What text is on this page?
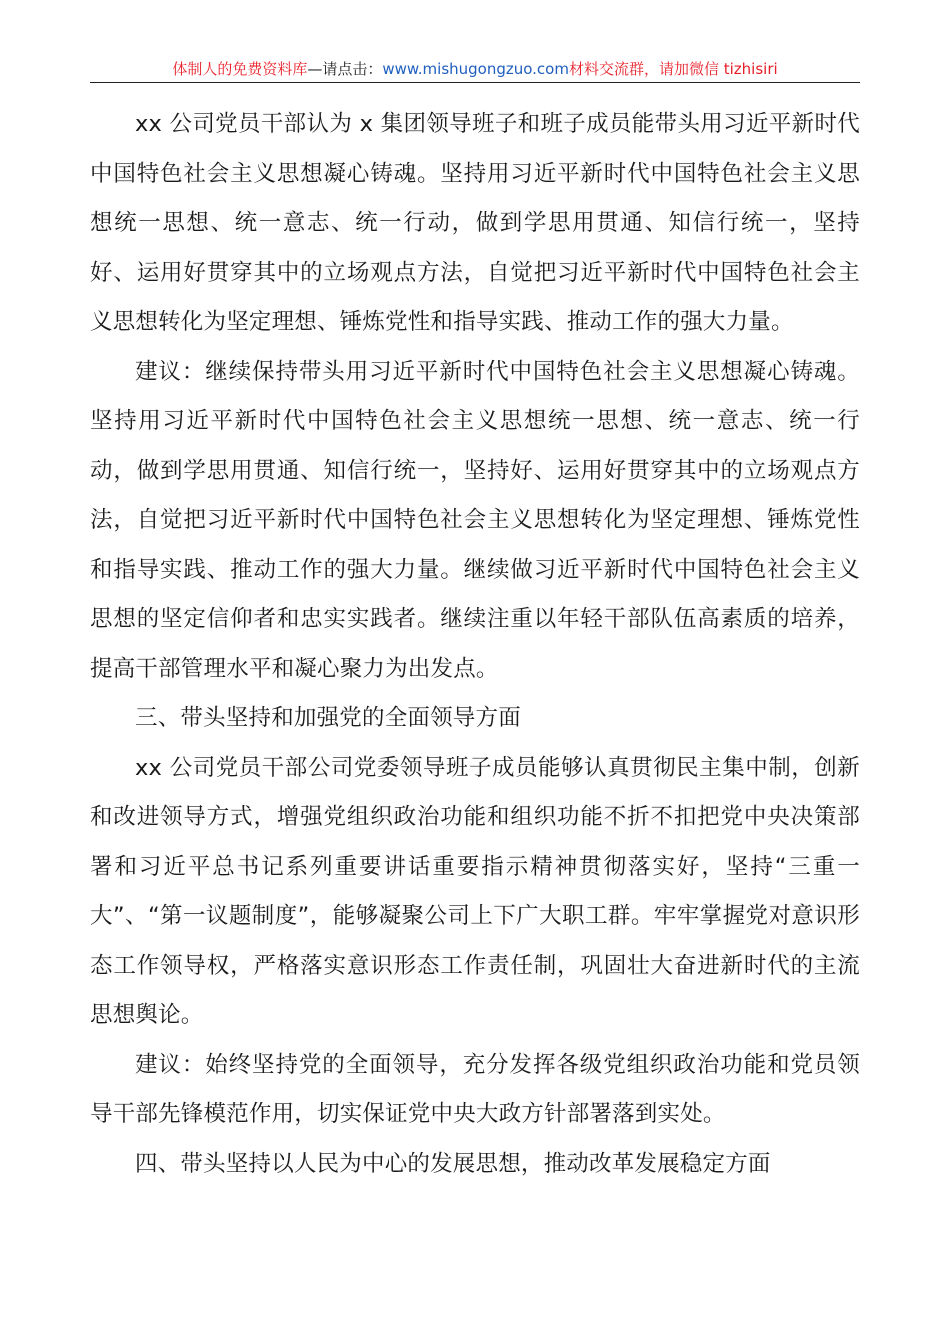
体制人的免费资料库—请点击：www.mishugongzuo.com材料交流群，请加微信 tizhisiri

xx 公司党员干部认为 x 集团领导班子和班子成员能带头用习近平新时代中国特色社会主义思想凝心铸魂。坚持用习近平新时代中国特色社会主义思想统一思想、统一意志、统一行动，做到学思用贯通、知信行统一，坚持好、运用好贯穿其中的立场观点方法，自觉把习近平新时代中国特色社会主义思想转化为坚定理想、锤炼党性和指导实践、推动工作的强大力量。

建议：继续保持带头用习近平新时代中国特色社会主义思想凝心铸魂。坚持用习近平新时代中国特色社会主义思想统一思想、统一意志、统一行动，做到学思用贯通、知信行统一，坚持好、运用好贯穿其中的立场观点方法，自觉把习近平新时代中国特色社会主义思想转化为坚定理想、锤炼党性和指导实践、推动工作的强大力量。继续做习近平新时代中国特色社会主义思想的坚定信仰者和忠实实践者。继续注重以年轻干部队伍高素质的培养，提高干部管理水平和凝心聚力为出发点。

三、带头坚持和加强党的全面领导方面

xx 公司党员干部公司党委领导班子成员能够认真贯彻民主集中制，创新和改进领导方式，增强党组织政治功能和组织功能不折不扣把党中央决策部署和习近平总书记系列重要讲话重要指示精神贯彻落实好，坚持“三重一大”、“第一议题制度”，能够凝聚公司上下广大职工群。牢牢掌握党对意识形态工作领导权，严格落实意识形态工作责任制，巩固壮大奋进新时代的主流思想舆论。

建议：始终坚持党的全面领导，充分发挥各级党组织政治功能和党员领导干部先锋模范作用，切实保证党中央大政方针部署落到实处。

四、带头坚持以人民为中心的发展思想，推动改革发展稳定方面
